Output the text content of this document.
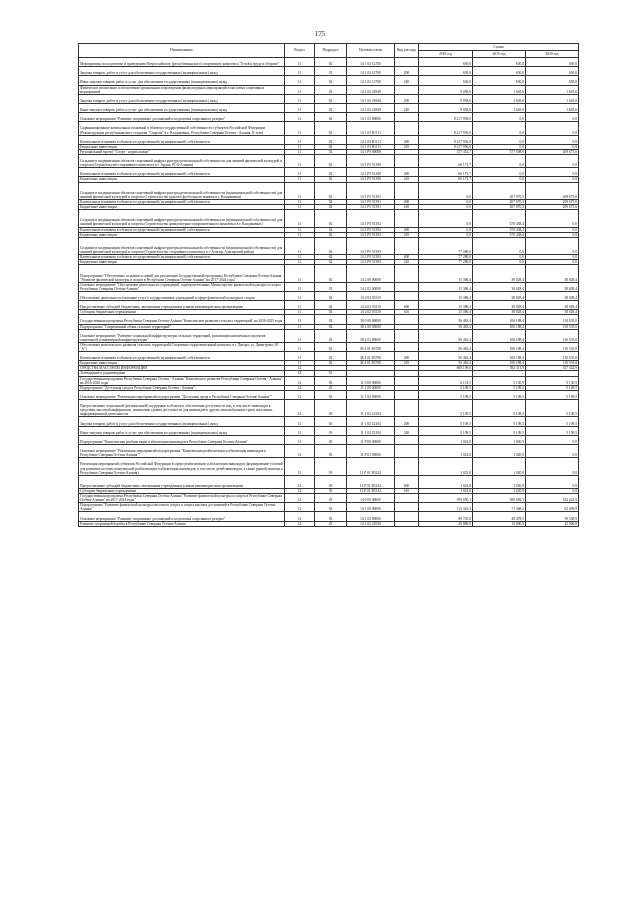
175
Наименование	Раздел	Подраздел	Целевая статья	Вид расхода	Сумма		
					2018 год	2019 год	2020 год
Мероприятия по подготовке и проведению Всероссийского (республиканского) спортивного комплекса "Готов к труду и обороне"	11	02	14 1 02 12700		650,0	650,0	650,0
Закупка товаров, работ и услуг для обеспечения государственных (муниципальных) нужд	11	02	14 1 02 12700	200	650,0	650,0	650,0
Иные закупки товаров, работ и услуг для обеспечения государственных (муниципальных) нужд	11	02	14 1 02 12700	240	650,0	650,0	650,0
Физическое воспитание и обеспечение организации и проведения физкультурных мероприятий и массовых спортивных мероприятий	11	02	14 1 02 21840		9 058,6	1 645,6	1 645,6
Закупка товаров, работ и услуг для обеспечения государственных (муниципальных) нужд	11	02	14 1 02 21840	200	9 058,6	1 645,6	1 645,6
Иные закупки товаров, работ и услуг для обеспечения государственных (муниципальных) нужд	11	02	14 1 02 21840	240	9 058,6	1 645,6	1 645,6
Основное мероприятие "Развитие спортивных достижений и подготовка спортивного резерва"	11	02	14 1 03 00000		8 217 956,0	0,0	0,0
Софинансирование капитальных вложений в объекты государственной собственности субъектов Российской Федерации (Реконструкция республиканского стадиона "Спартак" в г. Владикавказ, Республика Северная Осетия - Алания, II этап)	11	02	14 1 03 R1111		8 217 956,0	0,0	0,0
Капитальные вложения в объекты государственной (муниципальной) собственности	11	02	14 1 03 R1111	400	8 217 956,0	0,0	0,0
Бюджетные инвестиции	11	02	14 1 03 R1111	410	8 217 956,0	0,0	0,0
Региональный проект "Спорт - норма жизни"	11	02	14 1 P5 00000		157 452,7	577 508,9	209 675,6
Создание и модернизация объектов спортивной инфраструктуры региональной собственности для занятий физической культурой и спортом (Строительство спортивного комплекса в г. Ардон, РСО-Алания)	11	02	14 1 P5 51390		66 172,7	0,0	0,0
Капитальные вложения в объекты государственной (муниципальной) собственности	11	02	14 1 P5 51390	400	66 172,7	0,0	0,0
Бюджетные инвестиции	11	02	14 1 P5 51390	410	66 172,7	0,0	0,0
Создание и модернизация объектов спортивной инфраструктуры региональной собственности (муниципальной собственности) для занятий физической культурой и спортом (Строительство крытого футбольного манежа в г. Владикавказ)	11	02	14 1 P5 51391		0,0	207 070,5	209 675,6
Капитальные вложения в объекты государственной (муниципальной) собственности	11	02	14 1 P5 51391	400	0,0	207 070,5	209 675,6
Бюджетные инвестиции	11	02	14 1 P5 51391	410	0,0	207 070,5	209 675,6
Создание и модернизация объектов спортивной инфраструктуры региональной собственности (муниципальной собственности) для занятий физической культурой и спортом (Строительство физкультурно-оздоровительного комплекса в г. Владикавказ)	11	02	14 1 P5 51392		0,0	370 438,4	0,0
Капитальные вложения в объекты государственной (муниципальной) собственности	11	02	14 1 P5 51392	400	0,0	370 438,4	0,0
Бюджетные инвестиции	11	02	14 1 P5 51392	410	0,0	370 438,4	0,0
Создание и модернизация объектов спортивной инфраструктуры региональной собственности (муниципальной собственности) для занятий физической культурой и спортом (Строительство спортивного комплекса в г. Алагир, Алагирский район)	11	02	14 1 P5 51393		77 280,0	0,0	0,0
Капитальные вложения в объекты государственной (муниципальной) собственности	11	02	14 1 P5 51393	400	77 280,0	0,0	0,0
Бюджетные инвестиции	11	02	14 1 P5 51393	410	77 280,0	0,0	0,0
Подпрограмма "Обеспечение создания условий для реализации Государственной программы Республики Северная Осетия-Алания "Развитие физической культуры и спорта в Республике Северная Осетия-Алания" на 2017-2024 годы"	11	02	14 2 00 00000		15 386,4	38 028,4	38 028,4
Основное мероприятие "Обеспечение деятельности учреждений, подведомственных Министерству физической культуры и спорта Республики Северная Осетия-Алания"	11	02	14 2 02 00000		15 386,4	38 028,4	38 028,4
Обеспечение деятельности (оказание услуг) государственных учреждений в сфере физической культуры и спорта	11	02	14 2 02 03110		15 386,4	38 028,4	38 028,4
Предоставление субсидий бюджетным, автономным учреждениям и иным некоммерческим организациям	11	02	14 2 02 03110	600	15 386,4	38 028,4	38 028,4
Субсидии бюджетным учреждениям	11	02	14 2 02 03110	610	15 386,4	38 028,4	38 028,4
Государственная программа Республики Северная Осетия-Алания "Комплексное развитие сельских территорий" на 2020-2025 годы	11	02	38 0 00 00000		56 463,4	106 188,4	110 535,0
Подпрограмма "Современный облик сельских территорий"	11	02	38 4 00 00000		56 463,4	106 188,4	110 535,0
Основное мероприятие "Развитие социальной инфраструктуры сельских территорий, реализация комплексных проектов социальной и инженерной инфраструктуры"	11	02	38 4 01 00000		56 463,4	106 188,4	110 535,0
Обеспечение комплексного развития сельских территорий (Спортивно-оздоровительный комплекс в г. Дигора, ул. Димитрова, 65 "А")	11	02	38 4 01 R5760		56 463,4	106 188,4	110 535,0
Капитальные вложения в объекты государственной (муниципальной) собственности	11	02	38 4 01 R5760	400	56 463,4	106 188,4	110 535,0
Бюджетные инвестиции	11	02	38 4 01 R5760	410	56 463,4	106 188,4	110 535,0
СРЕДСТВА МАССОВОЙ ИНФОРМАЦИИ	12				609 199,0	392 311,9	357 322,9
Телевидение и радиовещание	12	01					
Государственная программа Республики Северная Осетия - Алания "Комплексное развитие Республики Северная Осетия - Алания" на 2016-2020 годы	12	03	11 0 00 00000		6 131,5	5 130,9	5 130,9
Подпрограмма "Доступная среда в Республике Северная Осетия - Алания"	12	03	11 1 00 00000		5 109,5	5 109,5	5 109,5
Основное мероприятие "Реализация мероприятий подпрограммы "Доступная среда в Республике Северная Осетия-Алания""	12	03	11 1 02 00000		5 109,5	5 109,5	5 109,5
Предоставление социальной (региональной) поддержки в области и обеспечения доступности лиц, в том числе инвалидов к средствам массовой информации, повышение уровня доступности для инвалидов и других маломобильных групп населения, информационной деятельности	12	03	11 1 02 22104		5 109,5	5 109,5	5 109,5
Закупка товаров, работ и услуг для обеспечения государственных (муниципальных) нужд	12	03	11 1 02 22104	200	5 109,5	5 109,5	5 109,5
Иные закупки товаров, работ и услуг для обеспечения государственных (муниципальных) нужд	12	03	11 1 02 22104	240	5 109,5	5 109,5	5 109,5
Подпрограмма "Комплексная реабилитация и абилитация инвалидов в Республике Северная Осетия-Алания"	12	03	11 P 00 00000		1 022,0	1 020,9	0,0
Основное мероприятие "Реализация мероприятий подпрограммы "Комплексная реабилитация и абилитация инвалидов в Республике Северная Осетия-Алания""	12	03	11 P 01 00000		1 022,0	1 020,9	0,0
Реализация мероприятий субъектов Российской Федерации в сфере реабилитации и абилитации инвалидов (формирование условий для развития системы комплексной реабилитации и абилитации инвалидов, в том числе детей-инвалидов, а также ранней помощи в Республике Северная Осетия-Алания)	12	03	11 P 01 R5142		1 022,0	1 020,9	0,0
Предоставление субсидий бюджетным, автономным учреждениям и иным некоммерческим организациям	12	03	11 P 01 R5142	600	1 022,0	1 020,9	0,0
Субсидии бюджетным учреждениям	12	03	11 P 01 R5142	610	1 022,0	1 020,9	0,0
Государственная программа Республики Северная Осетия-Алания "Развитие физической культуры и спорта в Республике Северная Осетия-Алания" на 2017-2024 годы"	12	03	14 0 00 00000		599 050,1	380 682,5	352 222,9
Подпрограмма "Развитие физической культуры массового спорта и спорта высших достижений в Республике Северная Осетия-Алания"	12	03	14 1 00 00000		113 422,3	71 368,2	62 439,9
Основное мероприятие "Развитие спортивных достижений и подготовка спортивного резерва"	12	03	14 1 02 00000		89 745,0	48 478,5	39 338,9
Развитие спортивной борьбы в Республике Северная Осетия-Алания	12	03	14 1 02 21030		20 880,0	15 000,0	15 000,0
